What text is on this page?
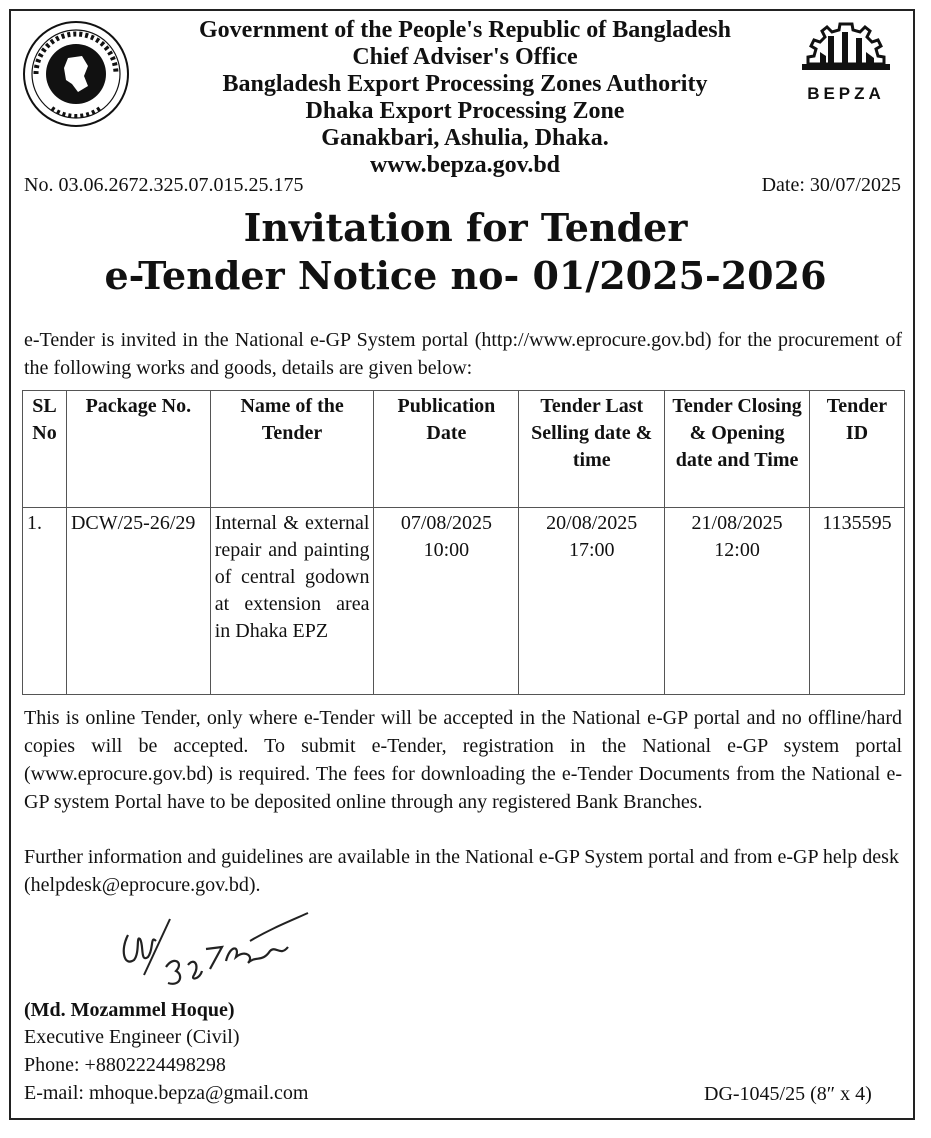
BEPZA
Government of the People's Republic of Bangladesh
Chief Adviser's Office
Bangladesh Export Processing Zones Authority
Dhaka Export Processing Zone
Ganakbari, Ashulia, Dhaka.
www.bepza.gov.bd
No. 03.06.2672.325.07.015.25.175	Date: 30/07/2025
Invitation for Tender
e-Tender Notice no- 01/2025-2026
e-Tender is invited in the National e-GP System portal (http://www.eprocure.gov.bd) for the procurement of the following works and goods, details are given below:
SL No	Package No.	Name of the Tender	Publication Date	Tender Last Selling date & time	Tender Closing & Opening date and Time	Tender ID
1.	DCW/25-26/29	Internal & external repair and painting of central godown at extension area in Dhaka EPZ	07/08/2025 10:00	20/08/2025 17:00	21/08/2025 12:00	1135595
This is online Tender, only where e-Tender will be accepted in the National e-GP portal and no offline/hard copies will be accepted. To submit e-Tender, registration in the National e-GP system portal (www.eprocure.gov.bd) is required. The fees for downloading the e-Tender Documents from the National e-GP system Portal have to be deposited online through any registered Bank Branches.
Further information and guidelines are available in the National e-GP System portal and from e-GP help desk (helpdesk@eprocure.gov.bd).
(Md. Mozammel Hoque)
Executive Engineer (Civil)
Phone: +8802224498298
E-mail: mhoque.bepza@gmail.com	DG-1045/25 (8″ x 4)
